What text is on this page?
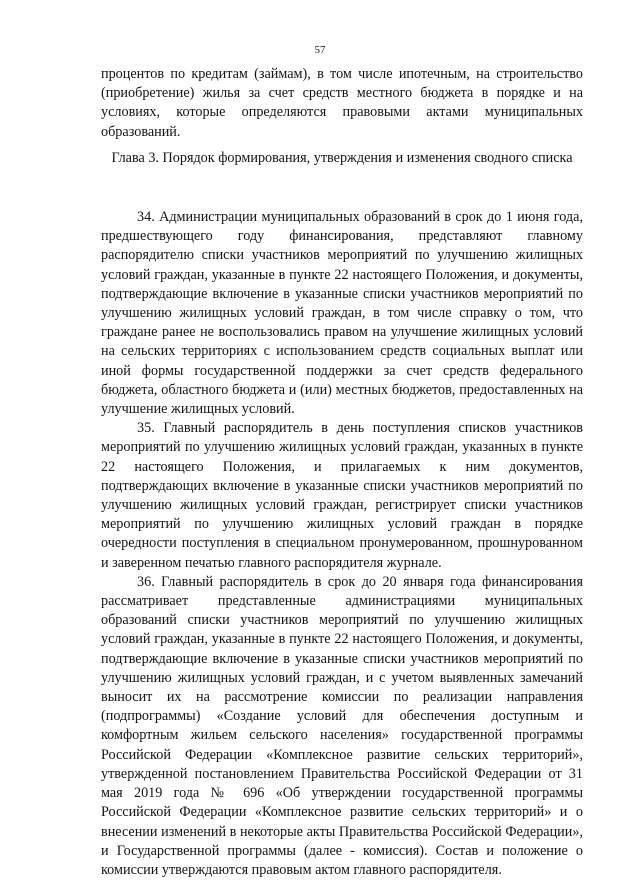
57

процентов по кредитам (займам), в том числе ипотечным, на строительство (приобретение) жилья за счет средств местного бюджета в порядке и на условиях, которые определяются правовыми актами муниципальных образований.

Глава 3. Порядок формирования, утверждения и изменения сводного списка

34. Администрации муниципальных образований в срок до 1 июня года, предшествующего году финансирования, представляют главному распорядителю списки участников мероприятий по улучшению жилищных условий граждан, указанные в пункте 22 настоящего Положения, и документы, подтверждающие включение в указанные списки участников мероприятий по улучшению жилищных условий граждан, в том числе справку о том, что граждане ранее не воспользовались правом на улучшение жилищных условий на сельских территориях с использованием средств социальных выплат или иной формы государственной поддержки за счет средств федерального бюджета, областного бюджета и (или) местных бюджетов, предоставленных на улучшение жилищных условий.

35. Главный распорядитель в день поступления списков участников мероприятий по улучшению жилищных условий граждан, указанных в пункте 22 настоящего Положения, и прилагаемых к ним документов, подтверждающих включение в указанные списки участников мероприятий по улучшению жилищных условий граждан, регистрирует списки участников мероприятий по улучшению жилищных условий граждан в порядке очередности поступления в специальном пронумерованном, прошнурованном и заверенном печатью главного распорядителя журнале.

36. Главный распорядитель в срок до 20 января года финансирования рассматривает представленные администрациями муниципальных образований списки участников мероприятий по улучшению жилищных условий граждан, указанные в пункте 22 настоящего Положения, и документы, подтверждающие включение в указанные списки участников мероприятий по улучшению жилищных условий граждан, и с учетом выявленных замечаний выносит их на рассмотрение комиссии по реализации направления (подпрограммы) «Создание условий для обеспечения доступным и комфортным жильем сельского населения» государственной программы Российской Федерации «Комплексное развитие сельских территорий», утвержденной постановлением Правительства Российской Федерации от 31 мая 2019 года № 696 «Об утверждении государственной программы Российской Федерации «Комплексное развитие сельских территорий» и о внесении изменений в некоторые акты Правительства Российской Федерации», и Государственной программы (далее - комиссия). Состав и положение о комиссии утверждаются правовым актом главного распорядителя.
